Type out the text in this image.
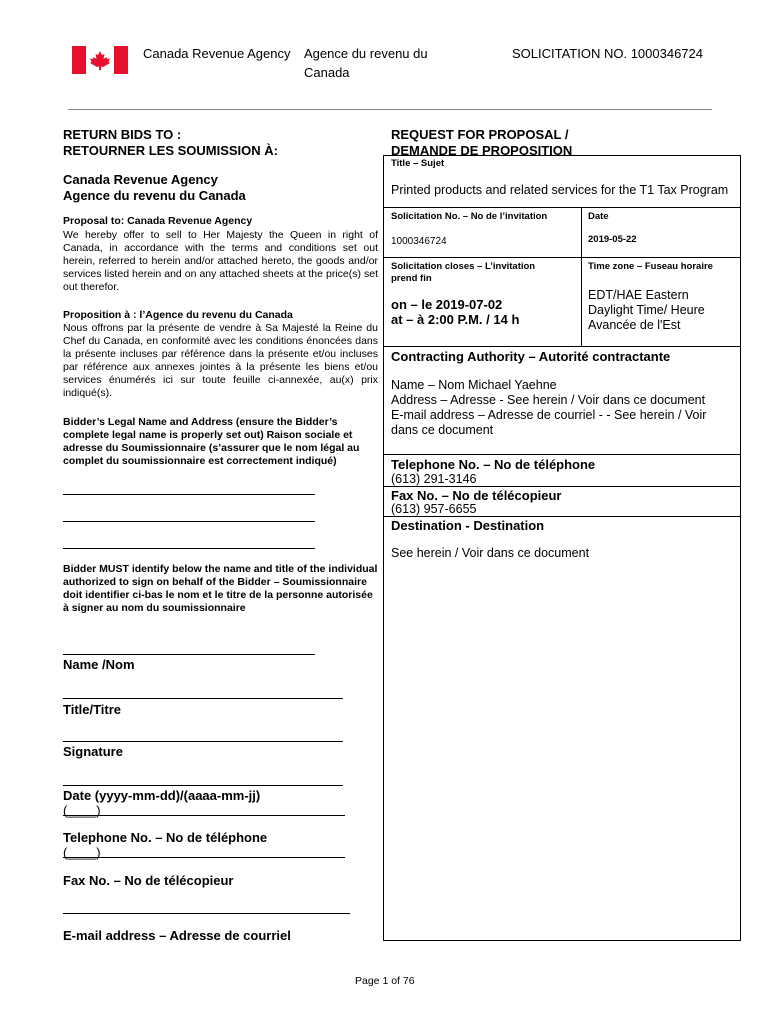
Canada Revenue Agency Agence du revenu du
Canada
SOLICITATION NO. 1000346724
RETURN BIDS TO :
RETOURNER LES SOUMISSION À:
Canada Revenue Agency
Agence du revenu du Canada
Proposal to: Canada Revenue Agency
We hereby offer to sell to Her Majesty the Queen in right of Canada, in accordance with the terms and conditions set out herein, referred to herein and/or attached hereto, the goods and/or services listed herein and on any attached sheets at the price(s) set out therefor.
Proposition à : l’Agence du revenu du Canada
Nous offrons par la présente de vendre à Sa Majesté la Reine du Chef du Canada, en conformité avec les conditions énoncées dans la présente incluses par référence dans la présente et/ou incluses par référence aux annexes jointes à la présente les biens et/ou services énumérés ici sur toute feuille ci-annexée, au(x) prix indiqué(s).
Bidder’s Legal Name and Address (ensure the Bidder’s complete legal name is properly set out) Raison sociale et adresse du Soumissionnaire (s’assurer que le nom légal au complet du soumissionnaire est correctement indiqué)
Bidder MUST identify below the name and title of the individual authorized to sign on behalf of the Bidder – Soumissionnaire doit identifier ci-bas le nom et le titre de la personne autorisée à signer au nom du soumissionnaire
Name /Nom
Title/Titre
Signature
Date (yyyy-mm-dd)/(aaaa-mm-jj)
(____)
Telephone No. – No de téléphone
(____)
Fax No. – No de télécopieur
E-mail address – Adresse de courriel
REQUEST FOR PROPOSAL /
DEMANDE DE PROPOSITION
Title – Sujet
Printed products and related services for the T1 Tax Program
Solicitation No. – No de l’invitation
1000346724
Date
2019-05-22
Solicitation closes – L’invitation
prend fin
on – le 2019-07-02
at – à 2:00 P.M. / 14 h
Time zone – Fuseau horaire
EDT/HAE Eastern
Daylight Time/ Heure
Avancée de l'Est
Contracting Authority – Autorité contractante
Name – Nom Michael Yaehne
Address – Adresse - See herein / Voir dans ce document
E-mail address – Adresse de courriel - - See herein / Voir
dans ce document
Telephone No. – No de téléphone
(613) 291-3146
Fax No. – No de télécopieur
(613) 957-6655
Destination - Destination
See herein / Voir dans ce document
Page 1 of 76
